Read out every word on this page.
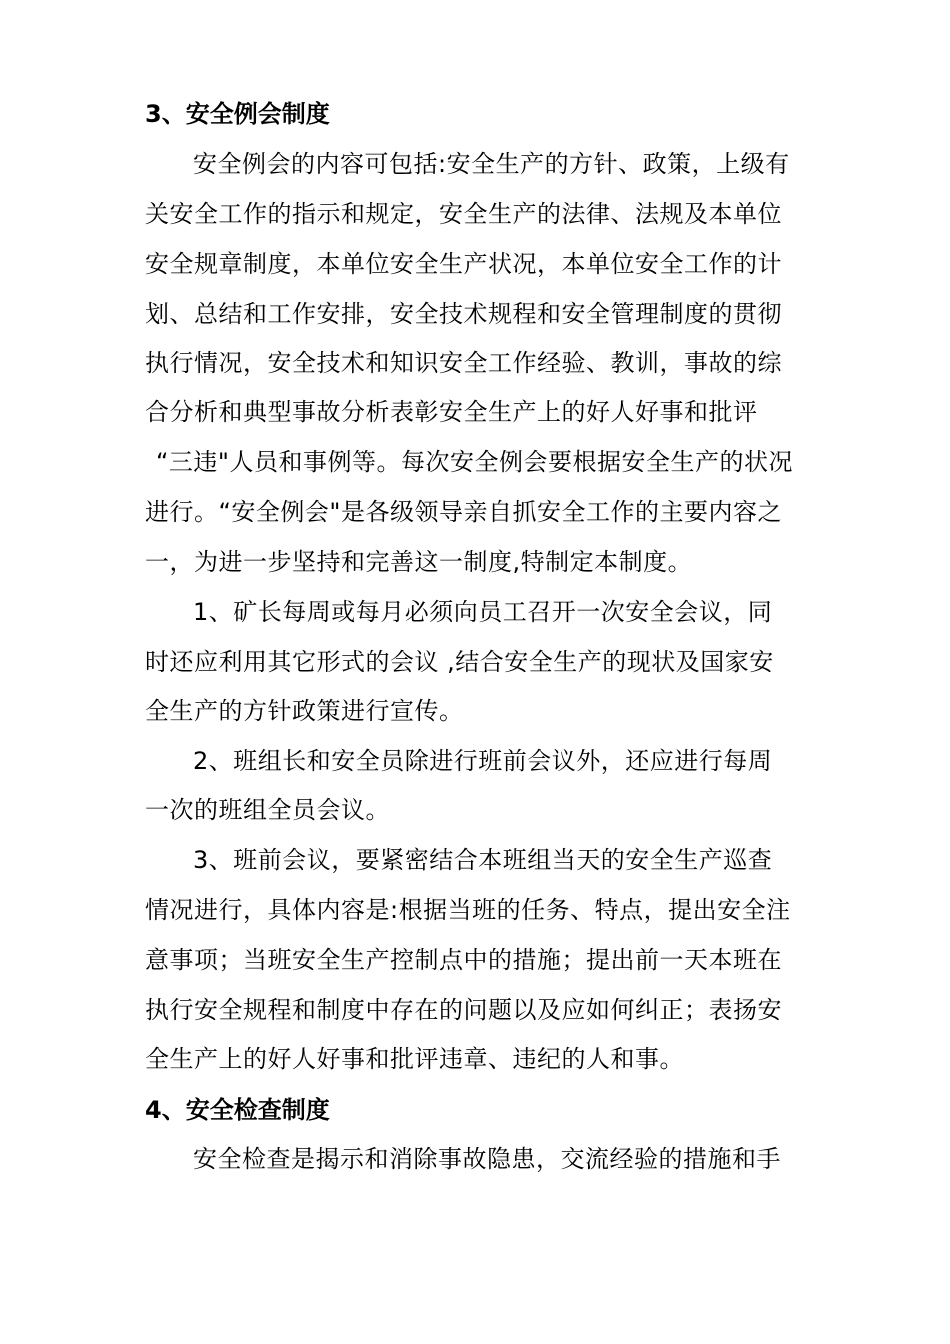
3、安全例会制度
安全例会的内容可包括:安全生产的方针、政策，上级有
关安全工作的指示和规定，安全生产的法律、法规及本单位
安全规章制度，本单位安全生产状况，本单位安全工作的计
划、总结和工作安排，安全技术规程和安全管理制度的贯彻
执行情况，安全技术和知识安全工作经验、教训，事故的综
合分析和典型事故分析表彰安全生产上的好人好事和批评
“三违"人员和事例等。每次安全例会要根据安全生产的状况
进行。“安全例会"是各级领导亲自抓安全工作的主要内容之
一，为进一步坚持和完善这一制度,特制定本制度。
1、矿长每周或每月必须向员工召开一次安全会议，同
时还应利用其它形式的会议 ,结合安全生产的现状及国家安
全生产的方针政策进行宣传。
2、班组长和安全员除进行班前会议外，还应进行每周
一次的班组全员会议。
3、班前会议，要紧密结合本班组当天的安全生产巡查
情况进行，具体内容是:根据当班的任务、特点，提出安全注
意事项；当班安全生产控制点中的措施；提出前一天本班在
执行安全规程和制度中存在的问题以及应如何纠正；表扬安
全生产上的好人好事和批评违章、违纪的人和事。
4、安全检查制度
安全检查是揭示和消除事故隐患，交流经验的措施和手
